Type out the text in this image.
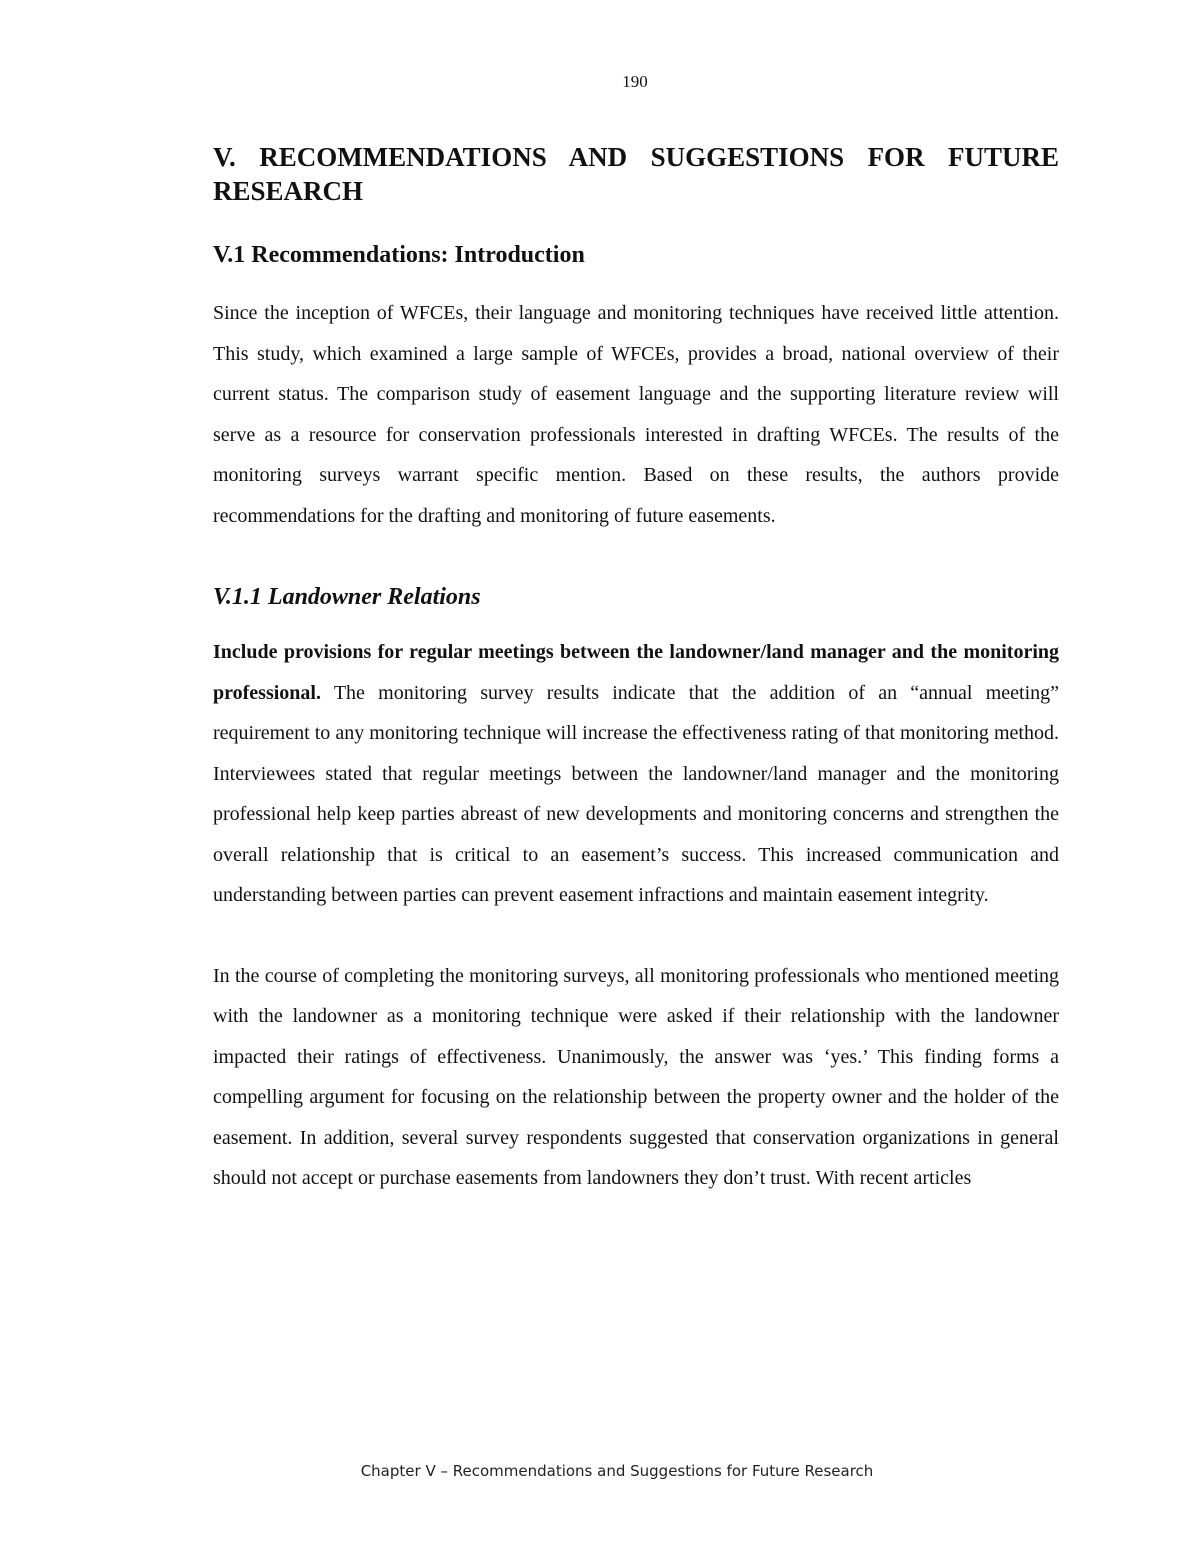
190
V. RECOMMENDATIONS AND SUGGESTIONS FOR FUTURE RESEARCH
V.1 Recommendations: Introduction

Since the inception of WFCEs, their language and monitoring techniques have received little attention. This study, which examined a large sample of WFCEs, provides a broad, national overview of their current status. The comparison study of easement language and the supporting literature review will serve as a resource for conservation professionals interested in drafting WFCEs. The results of the monitoring surveys warrant specific mention. Based on these results, the authors provide recommendations for the drafting and monitoring of future easements.

V.1.1 Landowner Relations

Include provisions for regular meetings between the landowner/land manager and the monitoring professional. The monitoring survey results indicate that the addition of an “annual meeting” requirement to any monitoring technique will increase the effectiveness rating of that monitoring method. Interviewees stated that regular meetings between the landowner/land manager and the monitoring professional help keep parties abreast of new developments and monitoring concerns and strengthen the overall relationship that is critical to an easement’s success. This increased communication and understanding between parties can prevent easement infractions and maintain easement integrity.

In the course of completing the monitoring surveys, all monitoring professionals who mentioned meeting with the landowner as a monitoring technique were asked if their relationship with the landowner impacted their ratings of effectiveness. Unanimously, the answer was ‘yes.’ This finding forms a compelling argument for focusing on the relationship between the property owner and the holder of the easement. In addition, several survey respondents suggested that conservation organizations in general should not accept or purchase easements from landowners they don’t trust. With recent articles

Chapter V – Recommendations and Suggestions for Future Research
